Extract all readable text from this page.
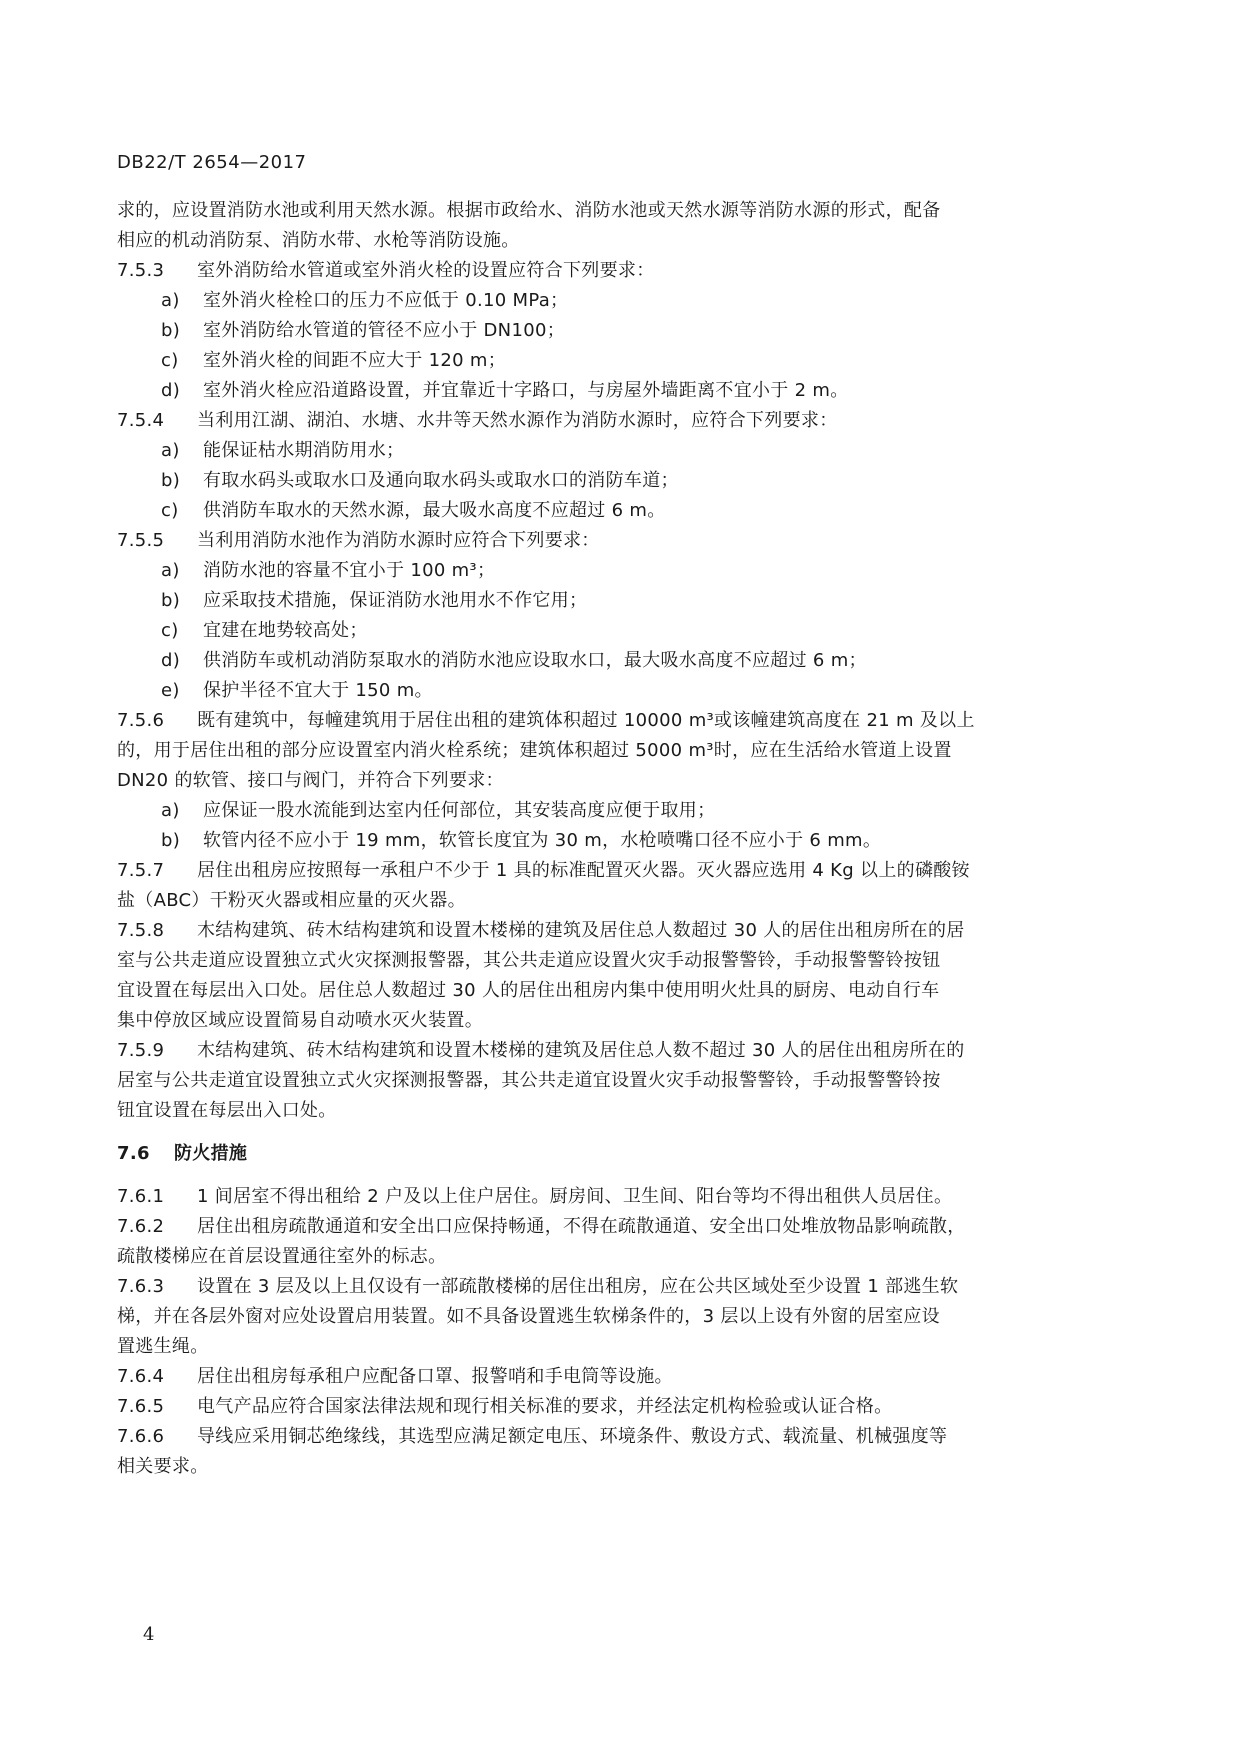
DB22/T 2654—2017
求的，应设置消防水池或利用天然水源。根据市政给水、消防水池或天然水源等消防水源的形式，配备
相应的机动消防泵、消防水带、水枪等消防设施。
7.5.3 室外消防给水管道或室外消火栓的设置应符合下列要求：
a) 室外消火栓栓口的压力不应低于 0.10 MPa；
b) 室外消防给水管道的管径不应小于 DN100；
c) 室外消火栓的间距不应大于 120 m；
d) 室外消火栓应沿道路设置，并宜靠近十字路口，与房屋外墙距离不宜小于 2 m。
7.5.4 当利用江湖、湖泊、水塘、水井等天然水源作为消防水源时，应符合下列要求：
a) 能保证枯水期消防用水；
b) 有取水码头或取水口及通向取水码头或取水口的消防车道；
c) 供消防车取水的天然水源，最大吸水高度不应超过 6 m。
7.5.5 当利用消防水池作为消防水源时应符合下列要求：
a) 消防水池的容量不宜小于 100 m³；
b) 应采取技术措施，保证消防水池用水不作它用；
c) 宜建在地势较高处；
d) 供消防车或机动消防泵取水的消防水池应设取水口，最大吸水高度不应超过 6 m；
e) 保护半径不宜大于 150 m。
7.5.6 既有建筑中，每幢建筑用于居住出租的建筑体积超过 10000 m³或该幢建筑高度在 21 m 及以上
的，用于居住出租的部分应设置室内消火栓系统；建筑体积超过 5000 m³时，应在生活给水管道上设置
DN20 的软管、接口与阀门，并符合下列要求：
a) 应保证一股水流能到达室内任何部位，其安装高度应便于取用；
b) 软管内径不应小于 19 mm，软管长度宜为 30 m，水枪喷嘴口径不应小于 6 mm。
7.5.7 居住出租房应按照每一承租户不少于 1 具的标准配置灭火器。灭火器应选用 4 Kg 以上的磷酸铵
盐（ABC）干粉灭火器或相应量的灭火器。
7.5.8 木结构建筑、砖木结构建筑和设置木楼梯的建筑及居住总人数超过 30 人的居住出租房所在的居
室与公共走道应设置独立式火灾探测报警器，其公共走道应设置火灾手动报警警铃，手动报警警铃按钮
宜设置在每层出入口处。居住总人数超过 30 人的居住出租房内集中使用明火灶具的厨房、电动自行车
集中停放区域应设置简易自动喷水灭火装置。
7.5.9 木结构建筑、砖木结构建筑和设置木楼梯的建筑及居住总人数不超过 30 人的居住出租房所在的
居室与公共走道宜设置独立式火灾探测报警器，其公共走道宜设置火灾手动报警警铃，手动报警警铃按
钮宜设置在每层出入口处。
7.6 防火措施
7.6.1 1 间居室不得出租给 2 户及以上住户居住。厨房间、卫生间、阳台等均不得出租供人员居住。
7.6.2 居住出租房疏散通道和安全出口应保持畅通，不得在疏散通道、安全出口处堆放物品影响疏散，
疏散楼梯应在首层设置通往室外的标志。
7.6.3 设置在 3 层及以上且仅设有一部疏散楼梯的居住出租房，应在公共区域处至少设置 1 部逃生软
梯，并在各层外窗对应处设置启用装置。如不具备设置逃生软梯条件的，3 层以上设有外窗的居室应设
置逃生绳。
7.6.4 居住出租房每承租户应配备口罩、报警哨和手电筒等设施。
7.6.5 电气产品应符合国家法律法规和现行相关标准的要求，并经法定机构检验或认证合格。
7.6.6 导线应采用铜芯绝缘线，其选型应满足额定电压、环境条件、敷设方式、载流量、机械强度等
相关要求。
4
